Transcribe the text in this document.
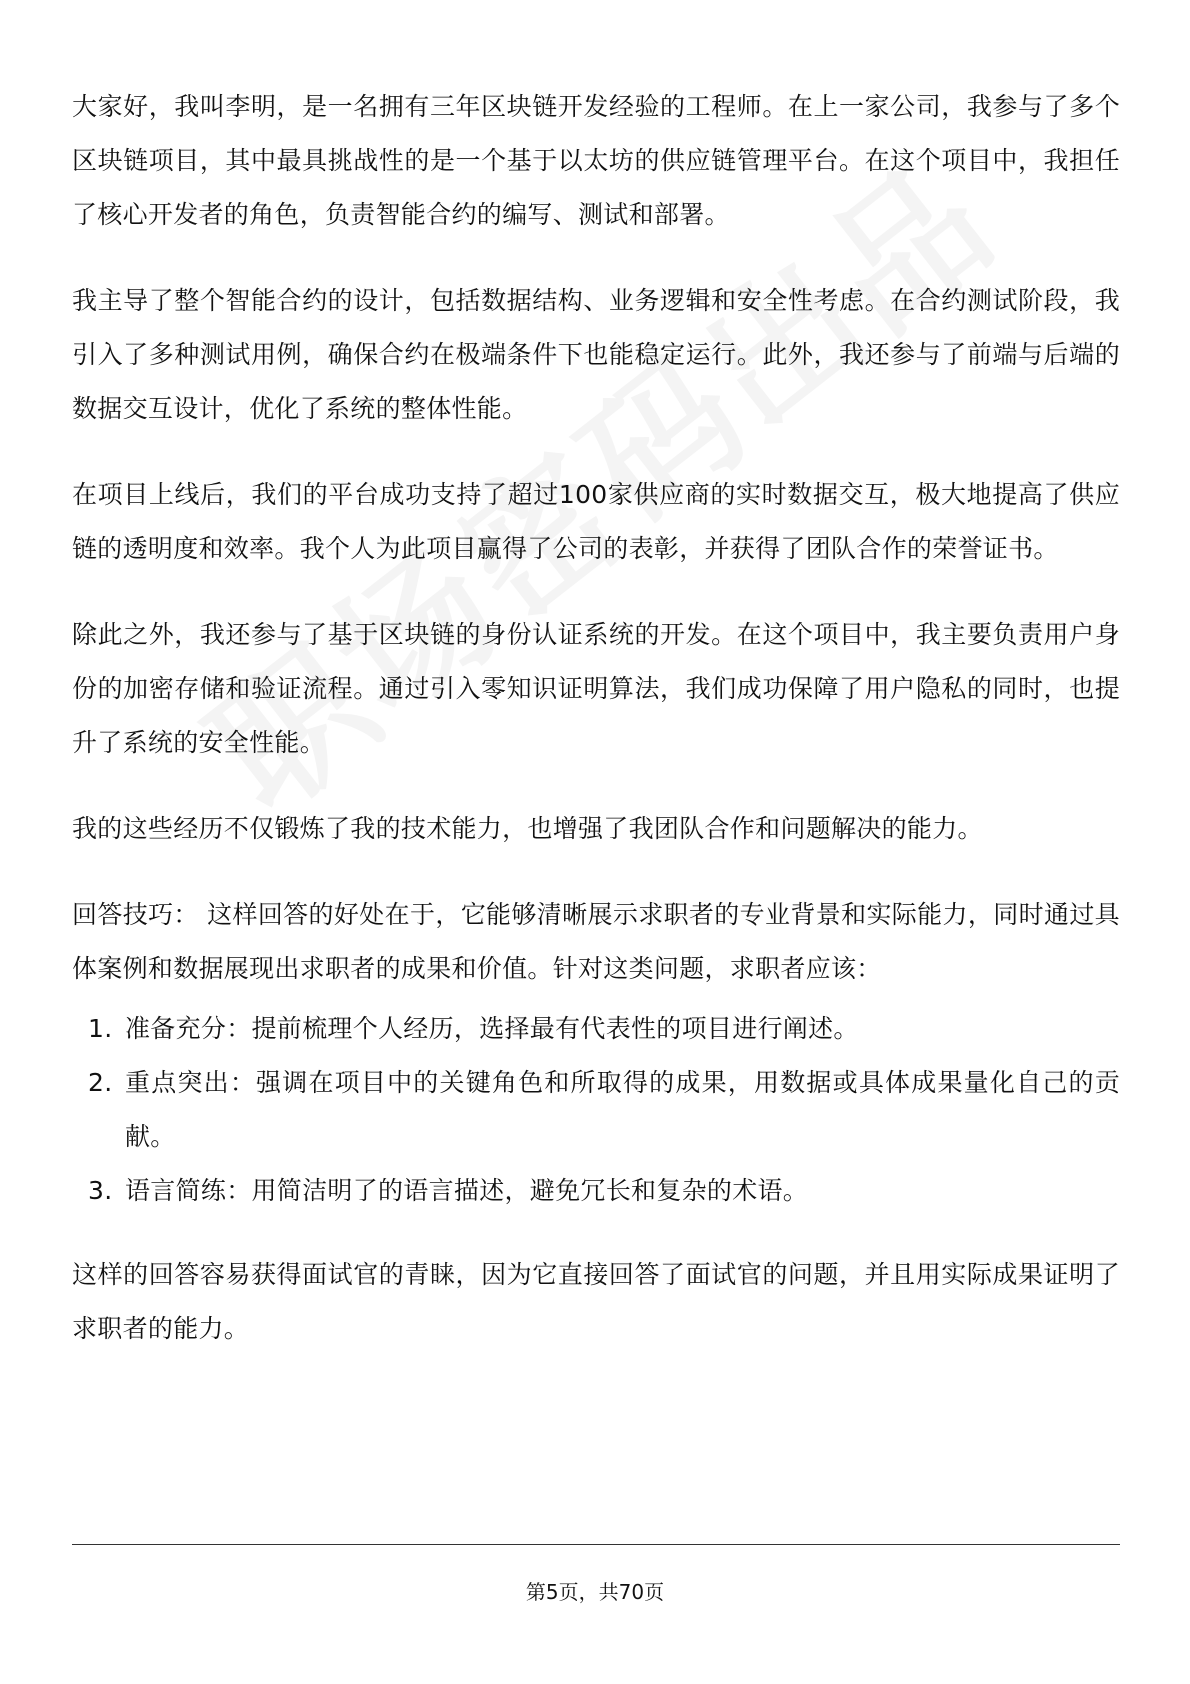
大家好，我叫李明，是一名拥有三年区块链开发经验的工程师。在上一家公司，我参与了多个区块链项目，其中最具挑战性的是一个基于以太坊的供应链管理平台。在这个项目中，我担任了核心开发者的角色，负责智能合约的编写、测试和部署。

我主导了整个智能合约的设计，包括数据结构、业务逻辑和安全性考虑。在合约测试阶段，我引入了多种测试用例，确保合约在极端条件下也能稳定运行。此外，我还参与了前端与后端的数据交互设计，优化了系统的整体性能。

在项目上线后，我们的平台成功支持了超过100家供应商的实时数据交互，极大地提高了供应链的透明度和效率。我个人为此项目赢得了公司的表彰，并获得了团队合作的荣誉证书。

除此之外，我还参与了基于区块链的身份认证系统的开发。在这个项目中，我主要负责用户身份的加密存储和验证流程。通过引入零知识证明算法，我们成功保障了用户隐私的同时，也提升了系统的安全性能。

我的这些经历不仅锻炼了我的技术能力，也增强了我团队合作和问题解决的能力。

回答技巧： 这样回答的好处在于，它能够清晰展示求职者的专业背景和实际能力，同时通过具体案例和数据展现出求职者的成果和价值。针对这类问题，求职者应该：

1. 准备充分：提前梳理个人经历，选择最有代表性的项目进行阐述。
2. 重点突出：强调在项目中的关键角色和所取得的成果，用数据或具体成果量化自己的贡献。
3. 语言简练：用简洁明了的语言描述，避免冗长和复杂的术语。

这样的回答容易获得面试官的青睐，因为它直接回答了面试官的问题，并且用实际成果证明了求职者的能力。

第5页，共70页
